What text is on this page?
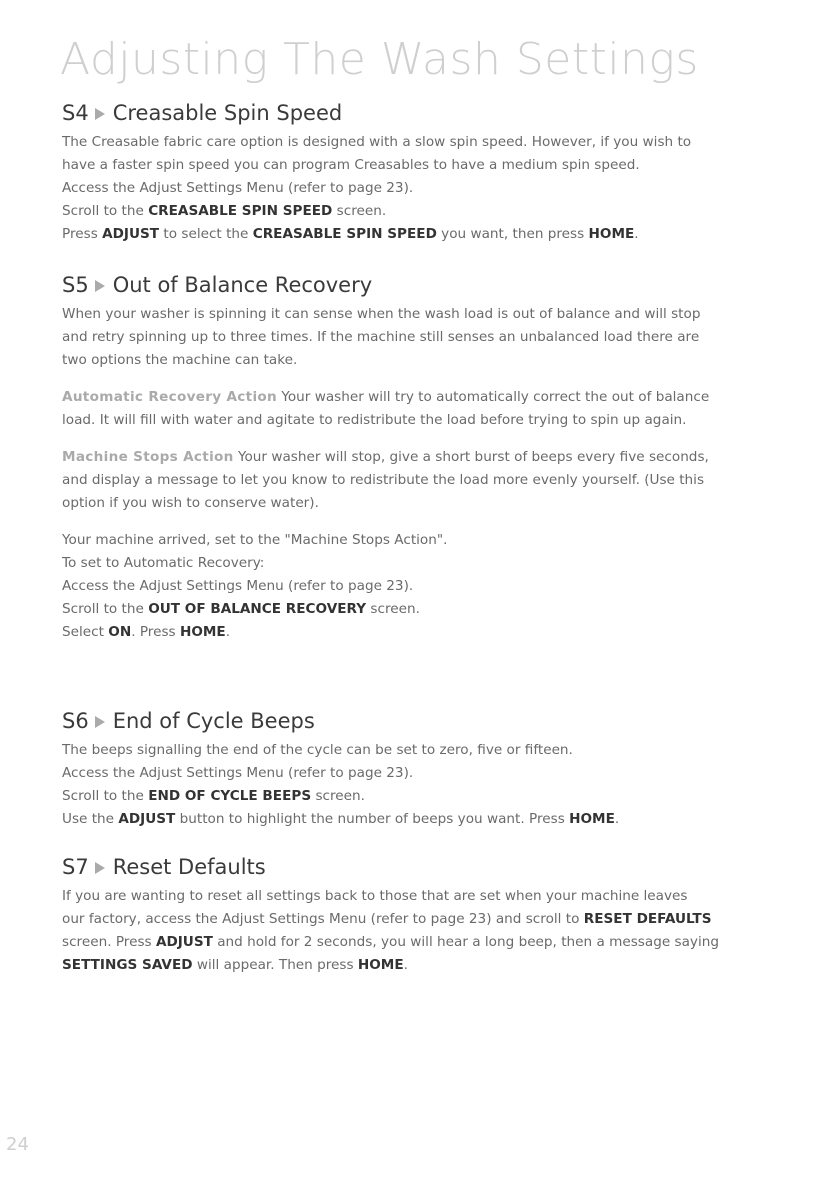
Adjusting The Wash Settings
S4 Creasable Spin Speed

The Creasable fabric care option is designed with a slow spin speed. However, if you wish to

have a faster spin speed you can program Creasables to have a medium spin speed.

Access the Adjust Settings Menu (refer to page 23).

Scroll to the CREASABLE SPIN SPEED screen.

Press ADJUST to select the CREASABLE SPIN SPEED you want, then press HOME.

S5 Out of Balance Recovery

When your washer is spinning it can sense when the wash load is out of balance and will stop

and retry spinning up to three times. If the machine still senses an unbalanced load there are

two options the machine can take.

Automatic Recovery Action Your washer will try to automatically correct the out of balance

load. It will fill with water and agitate to redistribute the load before trying to spin up again.

Machine Stops Action Your washer will stop, give a short burst of beeps every five seconds,

and display a message to let you know to redistribute the load more evenly yourself. (Use this

option if you wish to conserve water).

Your machine arrived, set to the "Machine Stops Action".

To set to Automatic Recovery:

Access the Adjust Settings Menu (refer to page 23).

Scroll to the OUT OF BALANCE RECOVERY screen.

Select ON. Press HOME.

S6 End of Cycle Beeps

The beeps signalling the end of the cycle can be set to zero, five or fifteen.

Access the Adjust Settings Menu (refer to page 23).

Scroll to the END OF CYCLE BEEPS screen.

Use the ADJUST button to highlight the number of beeps you want. Press HOME.

S7 Reset Defaults

If you are wanting to reset all settings back to those that are set when your machine leaves

our factory, access the Adjust Settings Menu (refer to page 23) and scroll to RESET DEFAULTS

screen. Press ADJUST and hold for 2 seconds, you will hear a long beep, then a message saying

SETTINGS SAVED will appear. Then press HOME.

24
